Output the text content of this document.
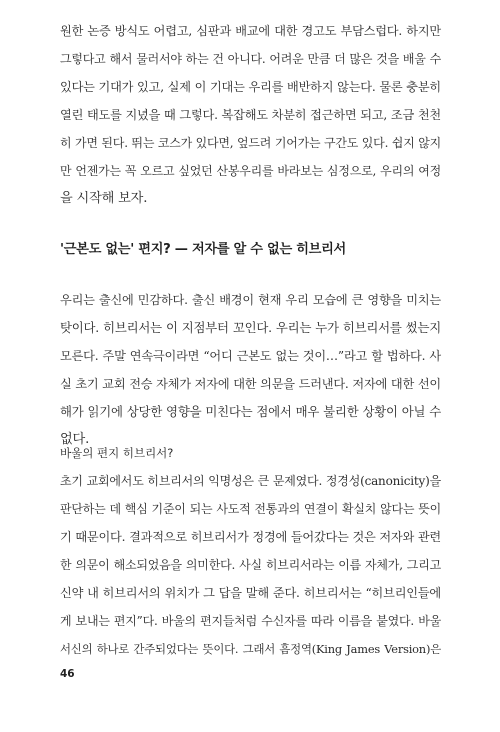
원한 논증 방식도 어렵고, 심판과 배교에 대한 경고도 부담스럽다. 하지만
그렇다고 해서 물러서야 하는 건 아니다. 어려운 만큼 더 많은 것을 배울 수
있다는 기대가 있고, 실제 이 기대는 우리를 배반하지 않는다. 물론 충분히
열린 태도를 지녔을 때 그렇다. 복잡해도 차분히 접근하면 되고, 조금 천천
히 가면 된다. 뛰는 코스가 있다면, 엎드려 기어가는 구간도 있다. 쉽지 않지
만 언젠가는 꼭 오르고 싶었던 산봉우리를 바라보는 심정으로, 우리의 여정
을 시작해 보자.
'근본도 없는' 편지? — 저자를 알 수 없는 히브리서
우리는 출신에 민감하다. 출신 배경이 현재 우리 모습에 큰 영향을 미치는
탓이다. 히브리서는 이 지점부터 꼬인다. 우리는 누가 히브리서를 썼는지
모른다. 주말 연속극이라면 “어디 근본도 없는 것이…”라고 할 법하다. 사
실 초기 교회 전승 자체가 저자에 대한 의문을 드러낸다. 저자에 대한 선이
해가 읽기에 상당한 영향을 미친다는 점에서 매우 불리한 상황이 아닐 수
없다.
바울의 편지 히브리서?
초기 교회에서도 히브리서의 익명성은 큰 문제였다. 정경성(canonicity)을
판단하는 데 핵심 기준이 되는 사도적 전통과의 연결이 확실치 않다는 뜻이
기 때문이다. 결과적으로 히브리서가 정경에 들어갔다는 것은 저자와 관련
한 의문이 해소되었음을 의미한다. 사실 히브리서라는 이름 자체가, 그리고
신약 내 히브리서의 위치가 그 답을 말해 준다. 히브리서는 “히브리인들에
게 보내는 편지”다. 바울의 편지들처럼 수신자를 따라 이름을 붙였다. 바울
서신의 하나로 간주되었다는 뜻이다. 그래서 흠정역(King James Version)은
46
